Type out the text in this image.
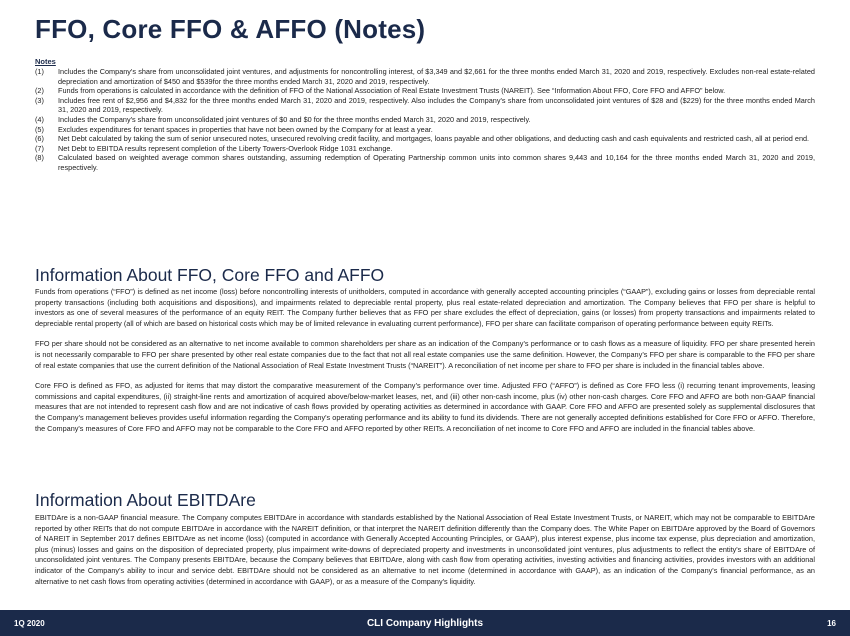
FFO, Core FFO & AFFO (Notes)
Notes
(1)	Includes the Company's share from unconsolidated joint ventures, and adjustments for noncontrolling interest, of $3,349 and $2,661 for the three months ended March 31, 2020 and 2019, respectively. Excludes non-real estate-related depreciation and amortization of $450 and $539for the three months ended March 31, 2020 and 2019, respectively.
(2)	Funds from operations is calculated in accordance with the definition of FFO of the National Association of Real Estate Investment Trusts (NAREIT). See “Information About FFO, Core FFO and AFFO” below.
(3)	Includes free rent of $2,956 and $4,832 for the three months ended March 31, 2020 and 2019, respectively. Also includes the Company's share from unconsolidated joint ventures of $28 and ($229) for the three months ended March 31, 2020 and 2019, respectively.
(4)	Includes the Company's share from unconsolidated joint ventures of $0 and $0 for the three months ended March 31, 2020 and 2019, respectively.
(5)	Excludes expenditures for tenant spaces in properties that have not been owned by the Company for at least a year.
(6)	Net Debt calculated by taking the sum of senior unsecured notes, unsecured revolving credit facility, and mortgages, loans payable and other obligations, and deducting cash and cash equivalents and restricted cash, all at period end.
(7)	Net Debt to EBITDA results represent completion of the Liberty Towers-Overlook Ridge 1031 exchange.
(8)	Calculated based on weighted average common shares outstanding, assuming redemption of Operating Partnership common units into common shares 9,443 and 10,164 for the three months ended March 31, 2020 and 2019, respectively.
Information About FFO, Core FFO and AFFO

Funds from operations (“FFO”) is defined as net income (loss) before noncontrolling interests of unitholders, computed in accordance with generally accepted accounting principles (“GAAP”), excluding gains or losses from depreciable rental property transactions (including both acquisitions and dispositions), and impairments related to depreciable rental property, plus real estate-related depreciation and amortization. The Company believes that FFO per share is helpful to investors as one of several measures of the performance of an equity REIT. The Company further believes that as FFO per share excludes the effect of depreciation, gains (or losses) from property transactions and impairments related to depreciable rental property (all of which are based on historical costs which may be of limited relevance in evaluating current performance), FFO per share can facilitate comparison of operating performance between equity REITs.

FFO per share should not be considered as an alternative to net income available to common shareholders per share as an indication of the Company’s performance or to cash flows as a measure of liquidity. FFO per share presented herein is not necessarily comparable to FFO per share presented by other real estate companies due to the fact that not all real estate companies use the same definition. However, the Company’s FFO per share is comparable to the FFO per share of real estate companies that use the current definition of the National Association of Real Estate Investment Trusts (“NAREIT”). A reconciliation of net income per share to FFO per share is included in the financial tables above.

Core FFO is defined as FFO, as adjusted for items that may distort the comparative measurement of the Company’s performance over time. Adjusted FFO (“AFFO”) is defined as Core FFO less (i) recurring tenant improvements, leasing commissions and capital expenditures, (ii) straight-line rents and amortization of acquired above/below-market leases, net, and (iii) other non-cash income, plus (iv) other non-cash charges. Core FFO and AFFO are both non-GAAP financial measures that are not intended to represent cash flow and are not indicative of cash flows provided by operating activities as determined in accordance with GAAP. Core FFO and AFFO are presented solely as supplemental disclosures that the Company’s management believes provides useful information regarding the Company's operating performance and its ability to fund its dividends. There are not generally accepted definitions established for Core FFO or AFFO. Therefore, the Company's measures of Core FFO and AFFO may not be comparable to the Core FFO and AFFO reported by other REITs. A reconciliation of net income to Core FFO and AFFO are included in the financial tables above.

Information About EBITDAre

EBITDAre is a non-GAAP financial measure. The Company computes EBITDAre in accordance with standards established by the National Association of Real Estate Investment Trusts, or NAREIT, which may not be comparable to EBITDAre reported by other REITs that do not compute EBITDAre in accordance with the NAREIT definition, or that interpret the NAREIT definition differently than the Company does. The White Paper on EBITDAre approved by the Board of Governors of NAREIT in September 2017 defines EBITDAre as net income (loss) (computed in accordance with Generally Accepted Accounting Principles, or GAAP), plus interest expense, plus income tax expense, plus depreciation and amortization, plus (minus) losses and gains on the disposition of depreciated property, plus impairment write-downs of depreciated property and investments in unconsolidated joint ventures, plus adjustments to reflect the entity's share of EBITDAre of unconsolidated joint ventures. The Company presents EBITDAre, because the Company believes that EBITDAre, along with cash flow from operating activities, investing activities and financing activities, provides investors with an additional indicator of the Company's ability to incur and service debt. EBITDAre should not be considered as an alternative to net income (determined in accordance with GAAP), as an indication of the Company's financial performance, as an alternative to net cash flows from operating activities (determined in accordance with GAAP), or as a measure of the Company's liquidity.

1Q 2020	CLI Company Highlights	16
